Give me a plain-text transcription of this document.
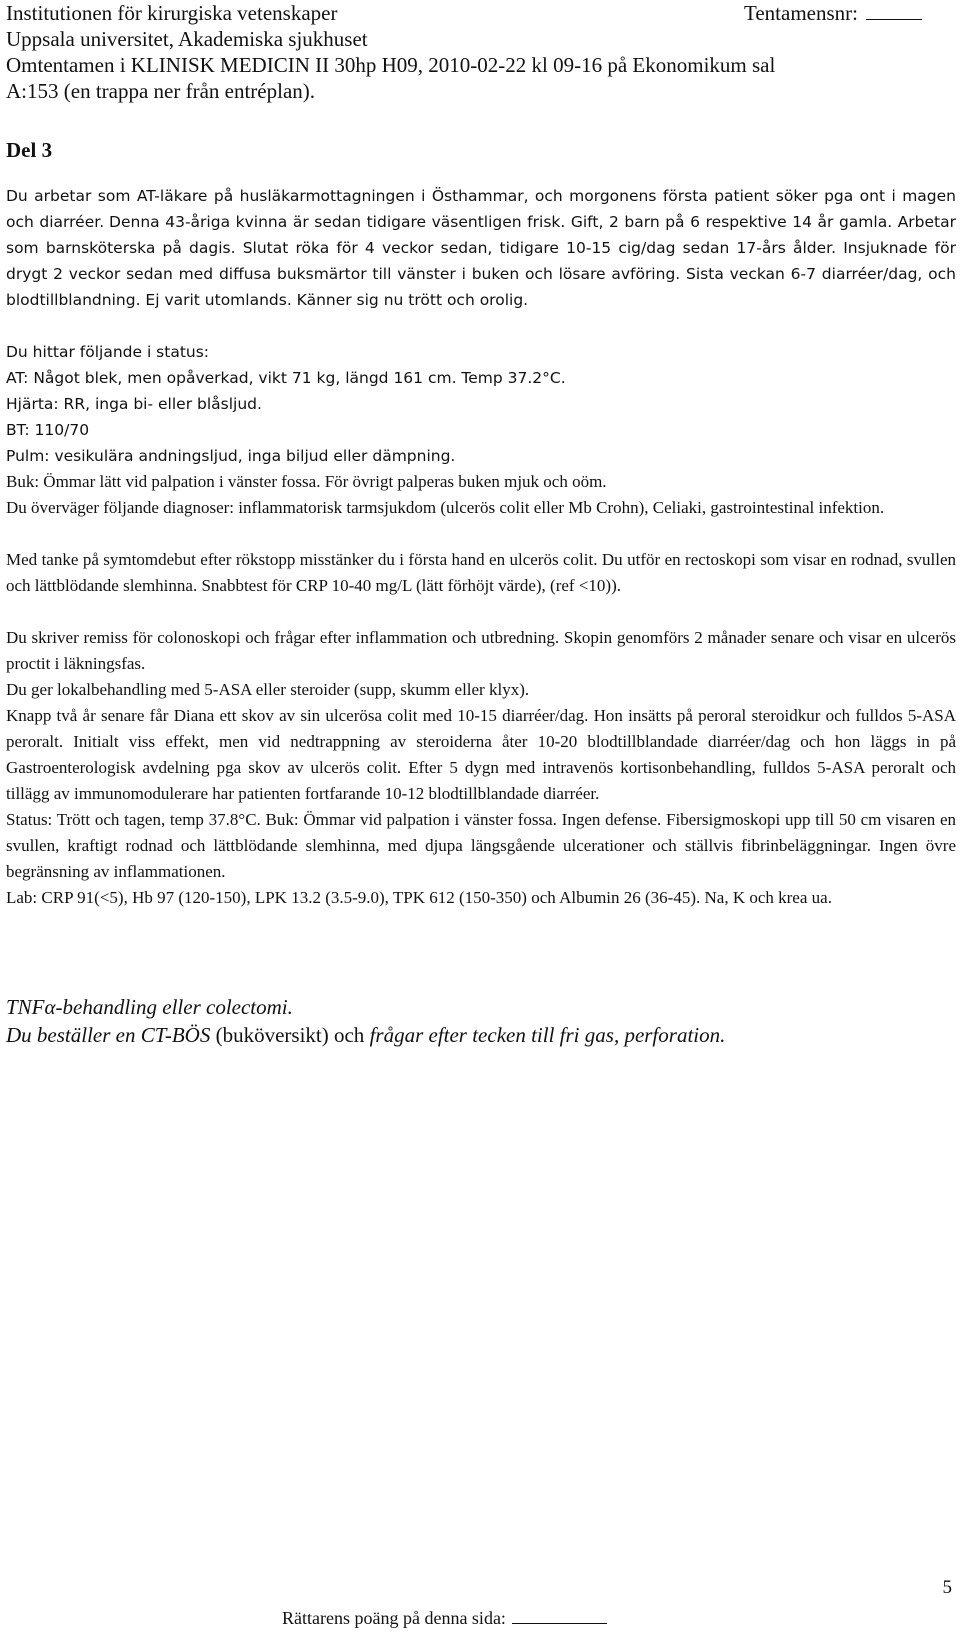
Institutionen för kirurgiska vetenskaper	Tentamensnr:
Uppsala universitet, Akademiska sjukhuset
Omtentamen i KLINISK MEDICIN II 30hp H09, 2010-02-22 kl 09-16 på Ekonomikum sal
A:153 (en trappa ner från entréplan).
Del 3
Du arbetar som AT-läkare på husläkarmottagningen i Östhammar, och morgonens första patient söker pga ont i magen och diarréer. Denna 43-åriga kvinna är sedan tidigare väsentligen frisk. Gift, 2 barn på 6 respektive 14 år gamla. Arbetar som barnsköterska på dagis. Slutat röka för 4 veckor sedan, tidigare 10-15 cig/dag sedan 17-års ålder. Insjuknade för drygt 2 veckor sedan med diffusa buksmärtor till vänster i buken och lösare avföring. Sista veckan 6-7 diarréer/dag, och blodtillblandning. Ej varit utomlands. Känner sig nu trött och orolig.
Du hittar följande i status:
AT: Något blek, men opåverkad, vikt 71 kg, längd 161 cm. Temp 37.2°C.
Hjärta: RR, inga bi- eller blåsljud.
BT: 110/70
Pulm: vesikulära andningsljud, inga biljud eller dämpning.
Buk: Ömmar lätt vid palpation i vänster fossa. För övrigt palperas buken mjuk och oöm.
Du överväger följande diagnoser: inflammatorisk tarmsjukdom (ulcerös colit eller Mb Crohn), Celiaki, gastrointestinal infektion.
Med tanke på symtomdebut efter rökstopp misstänker du i första hand en ulcerös colit. Du utför en rectoskopi som visar en rodnad, svullen och lättblödande slemhinna. Snabbtest för CRP 10-40 mg/L (lätt förhöjt värde), (ref <10)).
Du skriver remiss för colonoskopi och frågar efter inflammation och utbredning. Skopin genomförs 2 månader senare och visar en ulcerös proctit i läkningsfas.
Du ger lokalbehandling med 5-ASA eller steroider (supp, skumm eller klyx).
Knapp två år senare får Diana ett skov av sin ulcerösa colit med 10-15 diarréer/dag. Hon insätts på peroral steroidkur och fulldos 5-ASA peroralt. Initialt viss effekt, men vid nedtrappning av steroiderna åter 10-20 blodtillblandade diarréer/dag och hon läggs in på Gastroenterologisk avdelning pga skov av ulcerös colit. Efter 5 dygn med intravenös kortisonbehandling, fulldos 5-ASA peroralt och tillägg av immunomodulerare har patienten fortfarande 10-12 blodtillblandade diarréer.
Status: Trött och tagen, temp 37.8°C. Buk: Ömmar vid palpation i vänster fossa. Ingen defense. Fibersigmoskopi upp till 50 cm visaren en svullen, kraftigt rodnad och lättblödande slemhinna, med djupa längsgående ulcerationer och ställvis fibrinbeläggningar. Ingen övre begränsning av inflammationen.
Lab: CRP 91(<5), Hb 97 (120-150), LPK 13.2 (3.5-9.0), TPK 612 (150-350) och Albumin 26 (36-45). Na, K och krea ua.
TNFα-behandling eller colectomi.
Du beställer en CT-BÖS (buköversikt) och frågar efter tecken till fri gas, perforation.
5
Rättarens poäng på denna sida:
